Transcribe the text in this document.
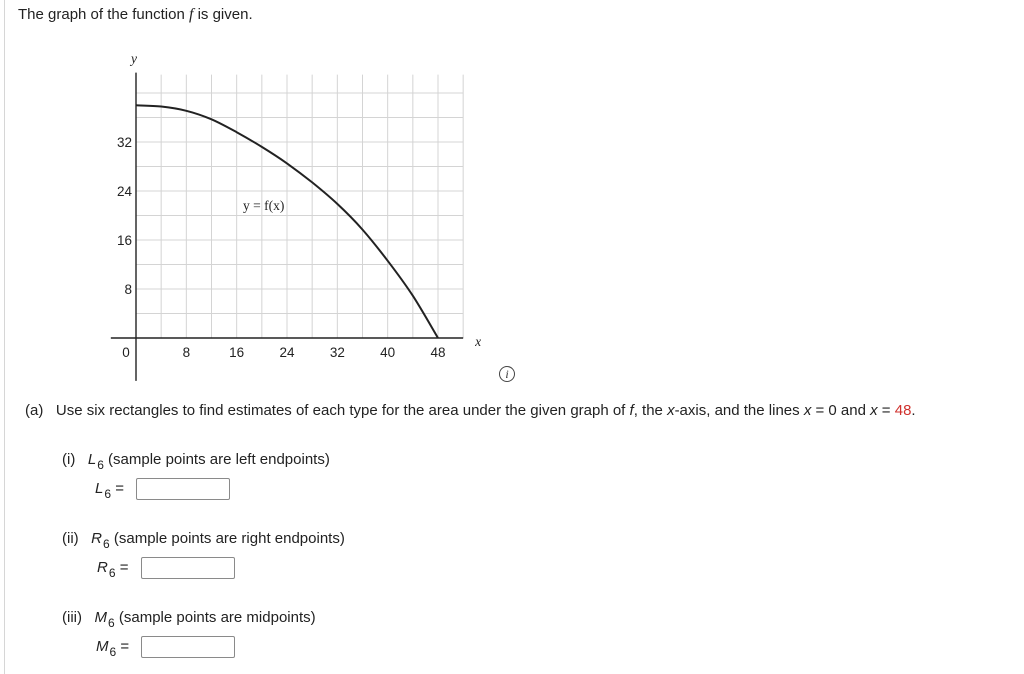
The graph of the function f is given.
0	8	16	24	32	40	48
8
16
24
32
y
x
y = f(x)
i
(a) Use six rectangles to find estimates of each type for the area under the given graph of f, the x-axis, and the lines x = 0 and x = 48.
(i) $L_6$ (sample points are left endpoints)
$L_6$ =
(ii) $R_6$ (sample points are right endpoints)
$R_6$ =
(iii) $M_6$ (sample points are midpoints)
$M_6$ =
